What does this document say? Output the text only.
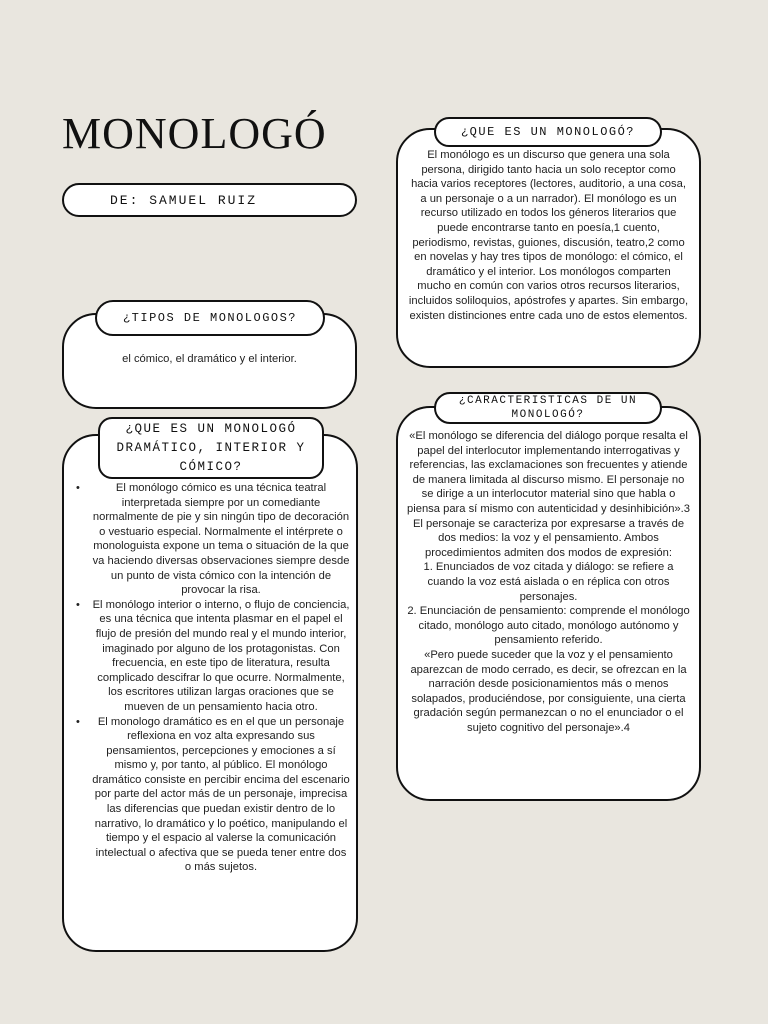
MONOLOGÓ
DE: SAMUEL RUIZ

El monólogo es un discurso que genera una sola persona, dirigido tanto hacia un solo receptor como hacia varios receptores (lectores, auditorio, a una cosa, a un personaje o a un narrador). El monólogo es un recurso utilizado en todos los géneros literarios que puede encontrarse tanto en poesía,1 cuento, periodismo, revistas, guiones, discusión, teatro,2 como en novelas y hay tres tipos de monólogo: el cómico, el dramático y el interior. Los monólogos comparten mucho en común con varios otros recursos literarios, incluidos soliloquios, apóstrofes y apartes. Sin embargo, existen distinciones entre cada uno de estos elementos.

¿QUE ES UN MONOLOGÓ?

el cómico, el dramático y el interior.

¿TIPOS DE MONOLOGOS?

«El monólogo se diferencia del diálogo porque resalta el papel del interlocutor implementando interrogativas y referencias, las exclamaciones son frecuentes y atiende de manera limitada al discurso mismo. El personaje no se dirige a un interlocutor material sino que habla o piensa para sí mismo con autenticidad y desinhibición».3

El personaje se caracteriza por expresarse a través de dos medios: la voz y el pensamiento. Ambos procedimientos admiten dos modos de expresión:

1. Enunciados de voz citada y diálogo: se refiere a cuando la voz está aislada o en réplica con otros personajes.
2. Enunciación de pensamiento: comprende el monólogo citado, monólogo auto citado, monólogo autónomo y pensamiento referido.

«Pero puede suceder que la voz y el pensamiento aparezcan de modo cerrado, es decir, se ofrezcan en la narración desde posicionamientos más o menos solapados, produciéndose, por consiguiente, una cierta gradación según permanezcan o no el enunciador o el sujeto cognitivo del personaje».4

¿CARACTERISTICAS DE UN MONOLOGÓ?
• El monólogo cómico es una técnica teatral interpretada siempre por un comediante normalmente de pie y sin ningún tipo de decoración o vestuario especial. Normalmente el intérprete o monologuista expone un tema o situación de la que va haciendo diversas observaciones siempre desde un punto de vista cómico con la intención de provocar la risa.
• El monólogo interior o interno, o flujo de conciencia, es una técnica que intenta plasmar en el papel el flujo de presión del mundo real y el mundo interior, imaginado por alguno de los protagonistas. Con frecuencia, en este tipo de literatura, resulta complicado descifrar lo que ocurre. Normalmente, los escritores utilizan largas oraciones que se mueven de un pensamiento hacia otro.
• El monologo dramático es en el que un personaje reflexiona en voz alta expresando sus pensamientos, percepciones y emociones a sí mismo y, por tanto, al público. El monólogo dramático consiste en percibir encima del escenario por parte del actor más de un personaje, imprecisa las diferencias que puedan existir dentro de lo narrativo, lo dramático y lo poético, manipulando el tiempo y el espacio al valerse la comunicación intelectual o afectiva que se pueda tener entre dos o más sujetos.
¿QUE ES UN MONOLOGÓ DRAMÁTICO, INTERIOR Y CÓMICO?
